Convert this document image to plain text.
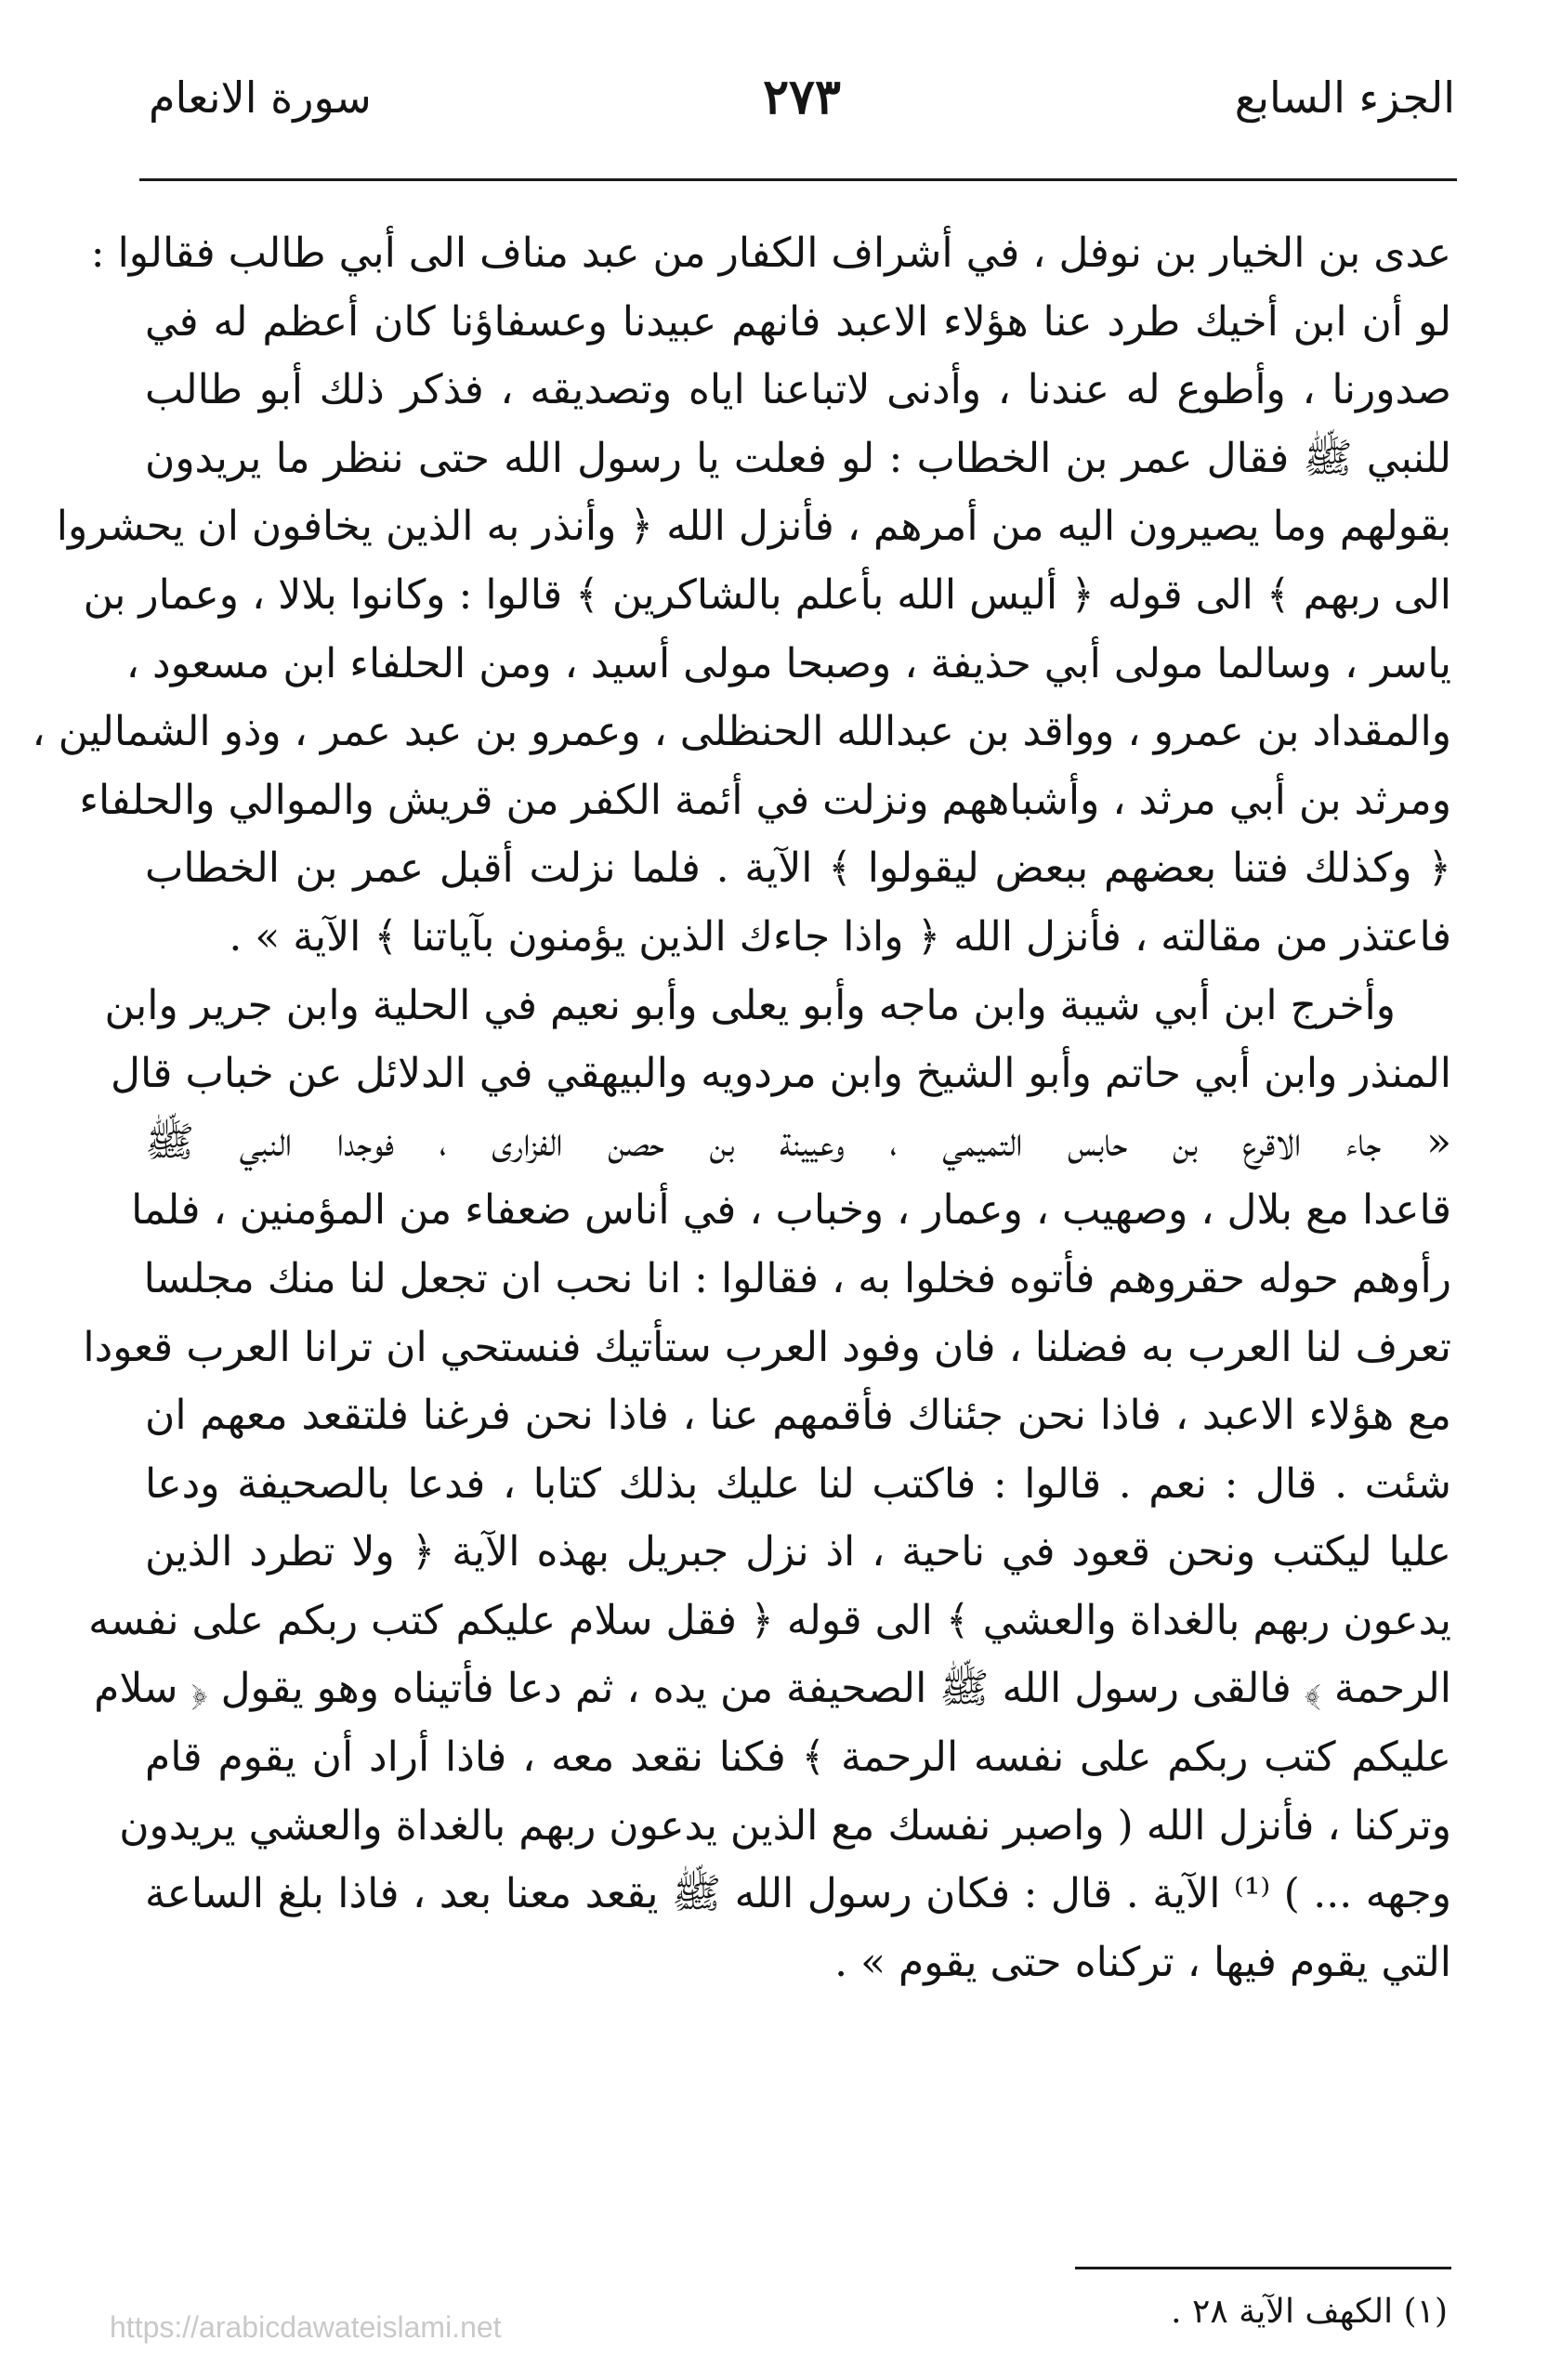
سورة الانعام	٢٧٣	الجزء السابع

عدى بن الخيار بن نوفل ، في أشراف الكفار من عبد مناف الى أبي طالب فقالوا :
لو أن ابن أخيك طرد عنا هؤلاء الاعبد فانهم عبيدنا وعسفاؤنا كان أعظم له في
صدورنا ، وأطوع له عندنا ، وأدنى لاتباعنا اياه وتصديقه ، فذكر ذلك أبو طالب
للنبي ﷺ فقال عمر بن الخطاب : لو فعلت يا رسول الله حتى ننظر ما يريدون
بقولهم وما يصيرون اليه من أمرهم ، فأنزل الله ﴿ وأنذر به الذين يخافون ان يحشروا
الى ربهم ﴾ الى قوله ﴿ أليس الله بأعلم بالشاكرين ﴾ قالوا : وكانوا بلالا ، وعمار بن
ياسر ، وسالما مولى أبي حذيفة ، وصبحا مولى أسيد ، ومن الحلفاء ابن مسعود ،
والمقداد بن عمرو ، وواقد بن عبدالله الحنظلى ، وعمرو بن عبد عمر ، وذو الشمالين ،
ومرثد بن أبي مرثد ، وأشباههم ونزلت في أئمة الكفر من قريش والموالي والحلفاء
﴿ وكذلك فتنا بعضهم ببعض ليقولوا ﴾ الآية . فلما نزلت أقبل عمر بن الخطاب
فاعتذر من مقالته ، فأنزل الله ﴿ واذا جاءك الذين يؤمنون بآياتنا ﴾ الآية » .

وأخرج ابن أبي شيبة وابن ماجه وأبو يعلى وأبو نعيم في الحلية وابن جرير وابن
المنذر وابن أبي حاتم وأبو الشيخ وابن مردويه والبيهقي في الدلائل عن خباب قال
« جاء الاقرع بن حابس التميمي ، وعيينة بن حصن الفزارى ، فوجدا النبي ﷺ
قاعدا مع بلال ، وصهيب ، وعمار ، وخباب ، في أناس ضعفاء من المؤمنين ، فلما
رأوهم حوله حقروهم فأتوه فخلوا به ، فقالوا : انا نحب ان تجعل لنا منك مجلسا
تعرف لنا العرب به فضلنا ، فان وفود العرب ستأتيك فنستحي ان ترانا العرب قعودا
مع هؤلاء الاعبد ، فاذا نحن جئناك فأقمهم عنا ، فاذا نحن فرغنا فلتقعد معهم ان
شئت . قال : نعم . قالوا : فاكتب لنا عليك بذلك كتابا ، فدعا بالصحيفة ودعا
عليا ليكتب ونحن قعود في ناحية ، اذ نزل جبريل بهذه الآية ﴿ ولا تطرد الذين
يدعون ربهم بالغداة والعشي ﴾ الى قوله ﴿ فقل سلام عليكم كتب ربكم على نفسه
الرحمة ﴾ فالقى رسول الله ﷺ الصحيفة من يده ، ثم دعا فأتيناه وهو يقول ﴿ سلام
عليكم كتب ربكم على نفسه الرحمة ﴾ فكنا نقعد معه ، فاذا أراد أن يقوم قام
وتركنا ، فأنزل الله ( واصبر نفسك مع الذين يدعون ربهم بالغداة والعشي يريدون
وجهه ... ) ⁽¹⁾ الآية . قال : فكان رسول الله ﷺ يقعد معنا بعد ، فاذا بلغ الساعة
التي يقوم فيها ، تركناه حتى يقوم » .

(١) الكهف الآية ٢٨ .
https://arabicdawateislami.net
